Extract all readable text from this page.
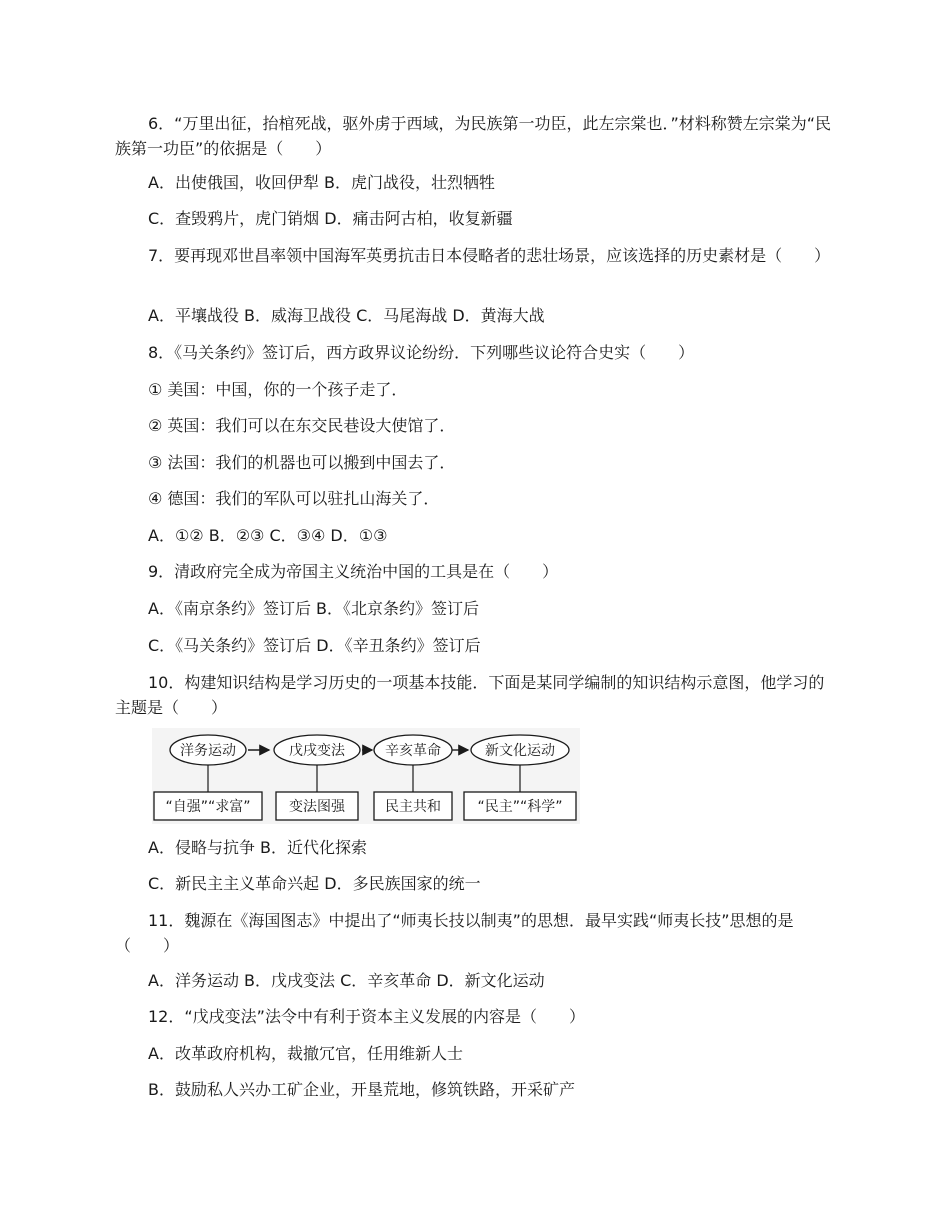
6．“万里出征，抬棺死战，驱外虏于西域，为民族第一功臣，此左宗棠也．”材料称赞左宗棠为“民族第一功臣”的依据是（　　）
A．出使俄国，收回伊犁 B．虎门战役，壮烈牺牲
C．查毁鸦片，虎门销烟 D．痛击阿古柏，收复新疆
7．要再现邓世昌率领中国海军英勇抗击日本侵略者的悲壮场景，应该选择的历史素材是（　　）
A．平壤战役 B．威海卫战役 C．马尾海战 D．黄海大战
8．《马关条约》签订后，西方政界议论纷纷．下列哪些议论符合史实（　　）
① 美国：中国，你的一个孩子走了．
② 英国：我们可以在东交民巷设大使馆了．
③ 法国：我们的机器也可以搬到中国去了．
④ 德国：我们的军队可以驻扎山海关了．
A．①② B．②③ C．③④ D．①③
9．清政府完全成为帝国主义统治中国的工具是在（　　）
A．《南京条约》签订后 B．《北京条约》签订后
C．《马关条约》签订后 D．《辛丑条约》签订后
10．构建知识结构是学习历史的一项基本技能．下面是某同学编制的知识结构示意图，他学习的主题是（　　）
洋务运动	戊戌变法	辛亥革命	新文化运动
“自强”“求富”	变法图强	民主共和	“民主”“科学”
A．侵略与抗争 B．近代化探索
C．新民主主义革命兴起 D．多民族国家的统一
11．魏源在《海国图志》中提出了“师夷长技以制夷”的思想．最早实践“师夷长技”思想的是（　　）
A．洋务运动 B．戊戌变法 C．辛亥革命 D．新文化运动
12．“戊戌变法”法令中有利于资本主义发展的内容是（　　）
A．改革政府机构，裁撤冗官，任用维新人士
B．鼓励私人兴办工矿企业，开垦荒地，修筑铁路，开采矿产
